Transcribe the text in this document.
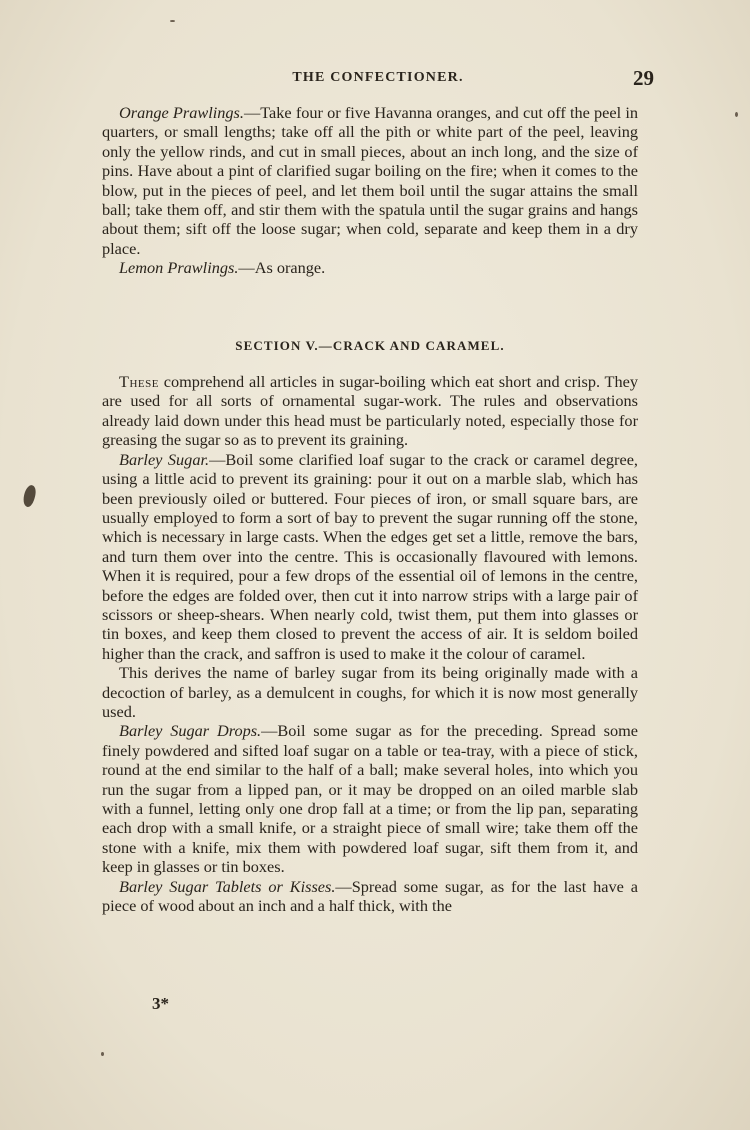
THE CONFECTIONER.	29

Orange Prawlings.—Take four or five Havanna oranges, and cut off the peel in quarters, or small lengths; take off all the pith or white part of the peel, leaving only the yellow rinds, and cut in small pieces, about an inch long, and the size of pins. Have about a pint of clarified sugar boiling on the fire; when it comes to the blow, put in the pieces of peel, and let them boil until the sugar attains the small ball; take them off, and stir them with the spatula until the sugar grains and hangs about them; sift off the loose sugar; when cold, separate and keep them in a dry place.

Lemon Prawlings.—As orange.

SECTION V.—CRACK AND CARAMEL.

These comprehend all articles in sugar-boiling which eat short and crisp. They are used for all sorts of ornamental sugar-work. The rules and observations already laid down under this head must be particularly noted, especially those for greasing the sugar so as to prevent its graining.

Barley Sugar.—Boil some clarified loaf sugar to the crack or caramel degree, using a little acid to prevent its graining: pour it out on a marble slab, which has been previously oiled or buttered. Four pieces of iron, or small square bars, are usually employed to form a sort of bay to prevent the sugar running off the stone, which is necessary in large casts. When the edges get set a little, remove the bars, and turn them over into the centre. This is occasionally flavoured with lemons. When it is required, pour a few drops of the essential oil of lemons in the centre, before the edges are folded over, then cut it into narrow strips with a large pair of scissors or sheep-shears. When nearly cold, twist them, put them into glasses or tin boxes, and keep them closed to prevent the access of air. It is seldom boiled higher than the crack, and saffron is used to make it the colour of caramel.

This derives the name of barley sugar from its being originally made with a decoction of barley, as a demulcent in coughs, for which it is now most generally used.

Barley Sugar Drops.—Boil some sugar as for the preceding. Spread some finely powdered and sifted loaf sugar on a table or tea-tray, with a piece of stick, round at the end similar to the half of a ball; make several holes, into which you run the sugar from a lipped pan, or it may be dropped on an oiled marble slab with a funnel, letting only one drop fall at a time; or from the lip pan, separating each drop with a small knife, or a straight piece of small wire; take them off the stone with a knife, mix them with powdered loaf sugar, sift them from it, and keep in glasses or tin boxes.

Barley Sugar Tablets or Kisses.—Spread some sugar, as for the last have a piece of wood about an inch and a half thick, with the

3*
